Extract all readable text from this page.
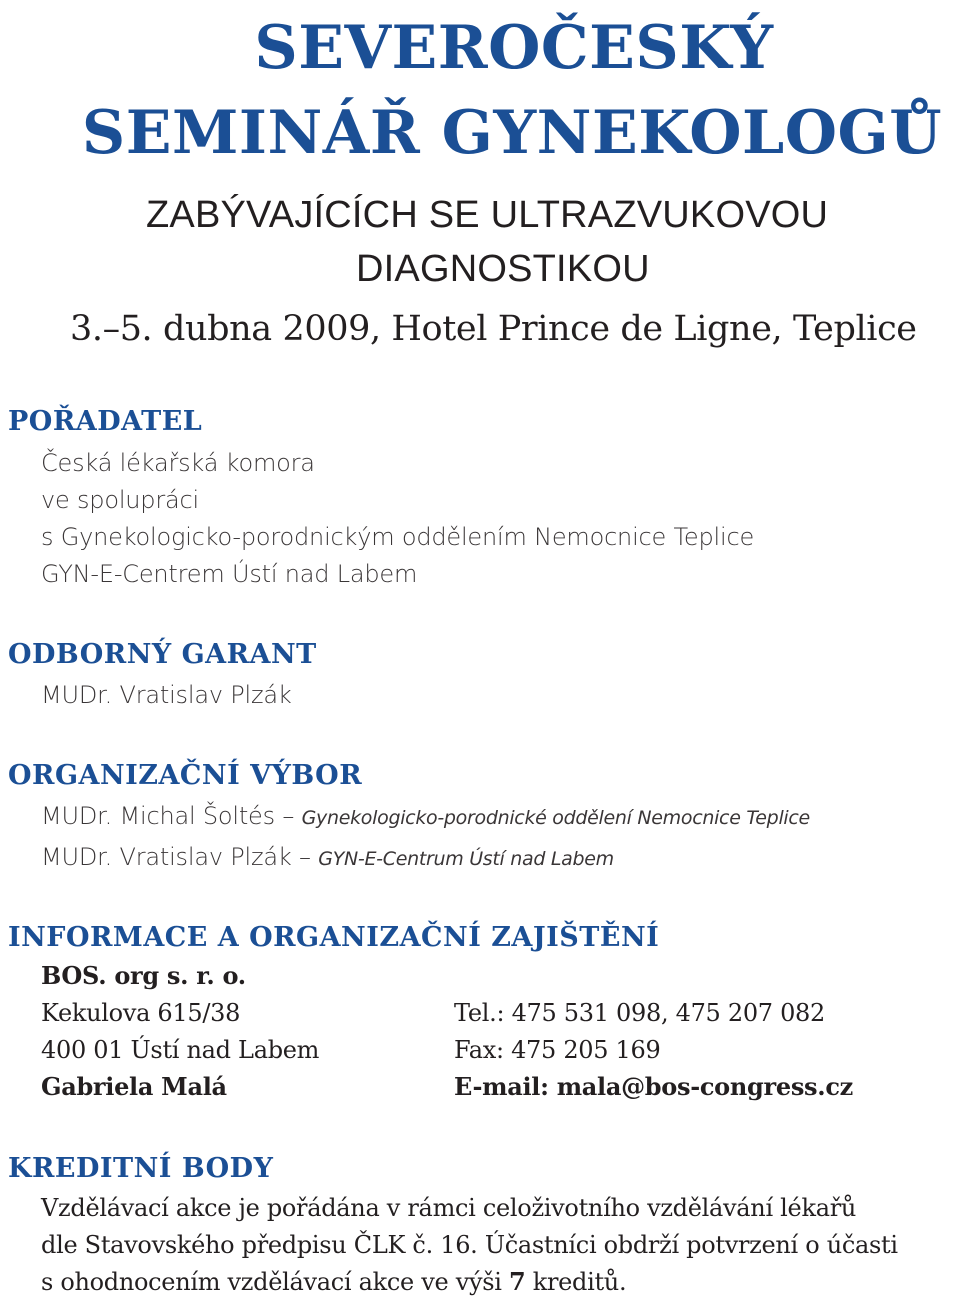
SEVEROČESKÝ
SEMINÁŘ GYNEKOLOGŮ
ZABÝVAJÍCÍCH SE ULTRAZVUKOVOU
DIAGNOSTIKOU
3.–5. dubna 2009, Hotel Prince de Ligne, Teplice
POŘADATEL
Česká lékařská komora
ve spolupráci
s Gynekologicko-porodnickým oddělením Nemocnice Teplice
GYN-E-Centrem Ústí nad Labem
ODBORNÝ GARANT
MUDr. Vratislav Plzák
ORGANIZAČNÍ VÝBOR
MUDr. Michal Šoltés – Gynekologicko-porodnické oddělení Nemocnice Teplice
MUDr. Vratislav Plzák – GYN-E-Centrum Ústí nad Labem
INFORMACE A ORGANIZAČNÍ ZAJIŠTĚNÍ
BOS. org s. r. o.
Kekulova 615/38
400 01 Ústí nad Labem
Gabriela Malá
Tel.: 475 531 098, 475 207 082
Fax: 475 205 169
E-mail: mala@bos-congress.cz
KREDITNÍ BODY
Vzdělávací akce je pořádána v rámci celoživotního vzdělávání lékařů
dle Stavovského předpisu ČLK č. 16. Účastníci obdrží potvrzení o účasti
s ohodnocením vzdělávací akce ve výši 7 kreditů.
